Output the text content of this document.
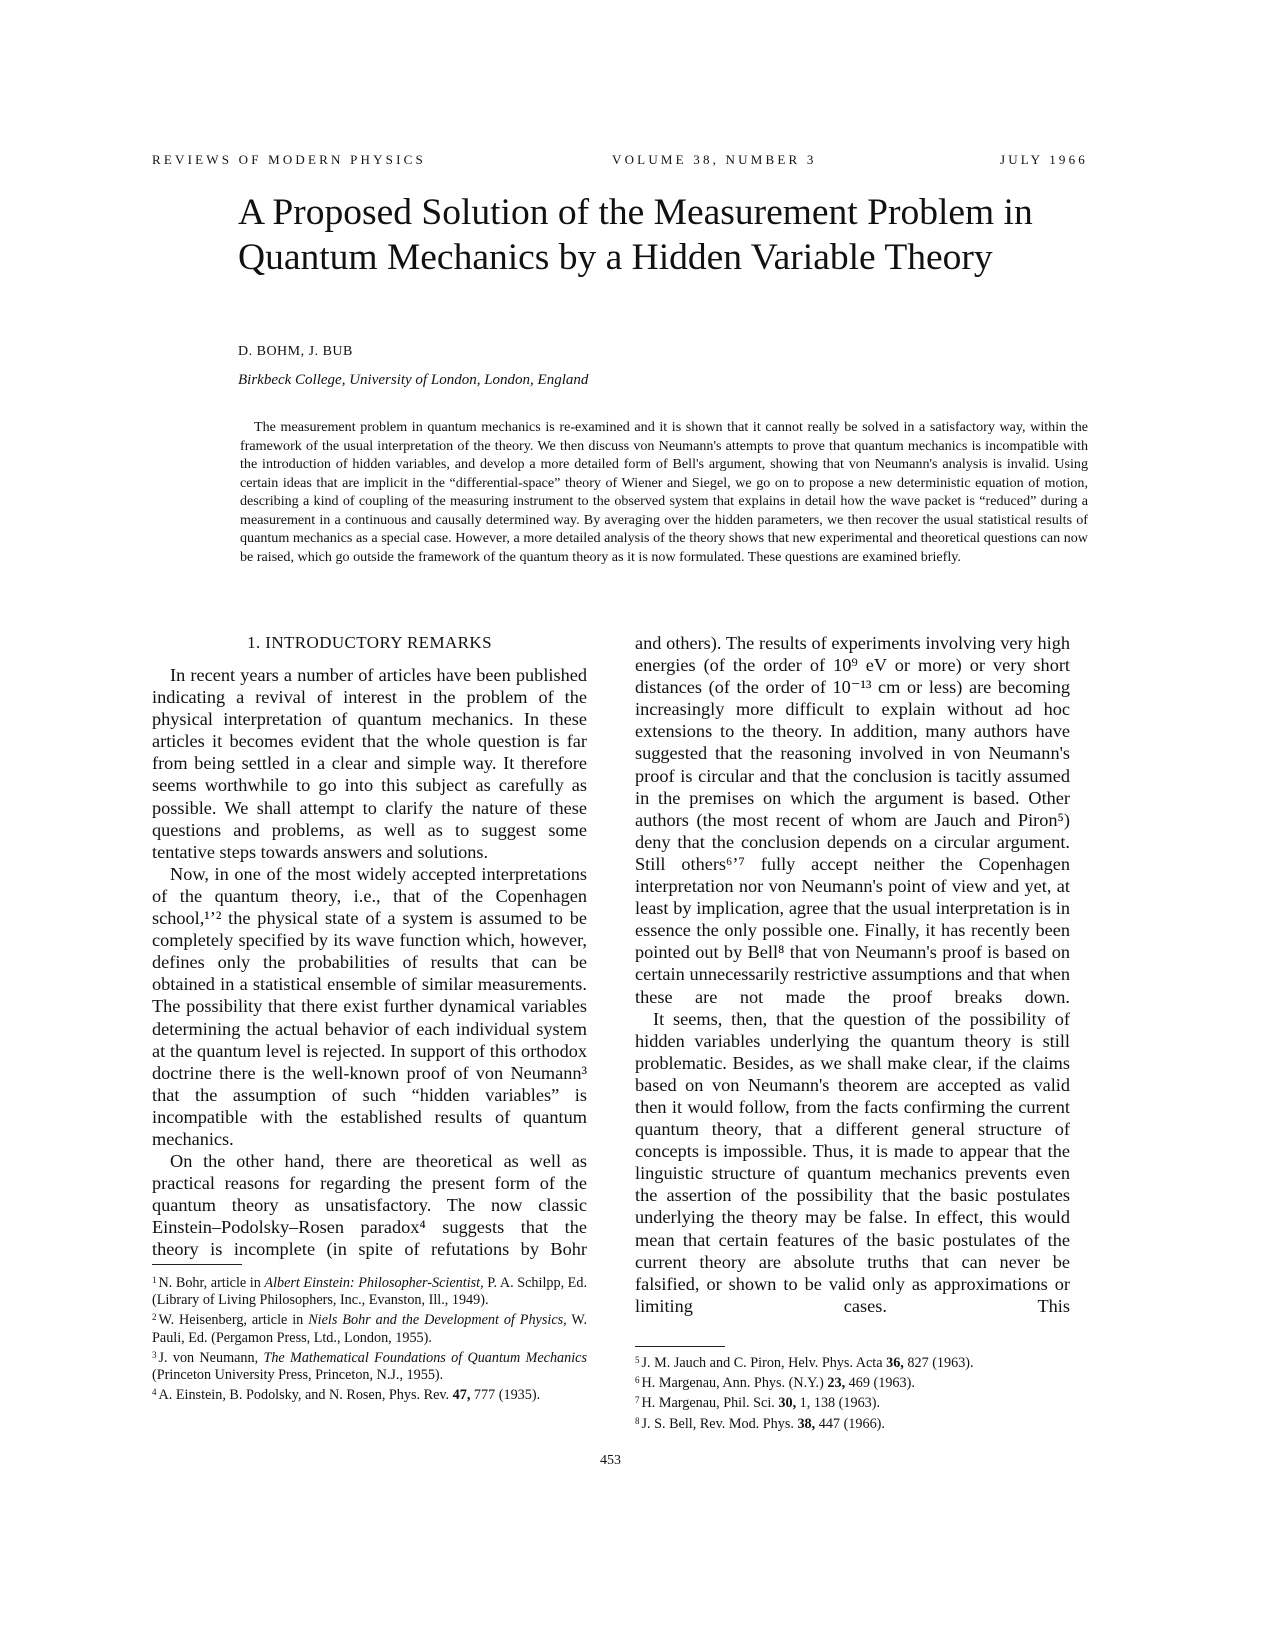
REVIEWS OF MODERN PHYSICS	VOLUME 38, NUMBER 3	JULY 1966
A Proposed Solution of the Measurement Problem in Quantum Mechanics by a Hidden Variable Theory
D. BOHM, J. BUB
Birkbeck College, University of London, London, England

The measurement problem in quantum mechanics is re-examined and it is shown that it cannot really be solved in a satisfactory way, within the framework of the usual interpretation of the theory. We then discuss von Neumann's attempts to prove that quantum mechanics is incompatible with the introduction of hidden variables, and develop a more detailed form of Bell's argument, showing that von Neumann's analysis is invalid. Using certain ideas that are implicit in the “differential-space” theory of Wiener and Siegel, we go on to propose a new deterministic equation of motion, describing a kind of coupling of the measuring instrument to the observed system that explains in detail how the wave packet is “reduced” during a measurement in a continuous and causally determined way. By averaging over the hidden parameters, we then recover the usual statistical results of quantum mechanics as a special case. However, a more detailed analysis of the theory shows that new experimental and theoretical questions can now be raised, which go outside the framework of the quantum theory as it is now formulated. These questions are examined briefly.

1. INTRODUCTORY REMARKS

In recent years a number of articles have been published indicating a revival of interest in the problem of the physical interpretation of quantum mechanics. In these articles it becomes evident that the whole question is far from being settled in a clear and simple way. It therefore seems worthwhile to go into this subject as carefully as possible. We shall attempt to clarify the nature of these questions and problems, as well as to suggest some tentative steps towards answers and solutions.

Now, in one of the most widely accepted interpretations of the quantum theory, i.e., that of the Copenhagen school,¹ʼ² the physical state of a system is assumed to be completely specified by its wave function which, however, defines only the probabilities of results that can be obtained in a statistical ensemble of similar measurements. The possibility that there exist further dynamical variables determining the actual behavior of each individual system at the quantum level is rejected. In support of this orthodox doctrine there is the well-known proof of von Neumann³ that the assumption of such “hidden variables” is incompatible with the established results of quantum mechanics.

On the other hand, there are theoretical as well as practical reasons for regarding the present form of the quantum theory as unsatisfactory. The now classic Einstein–Podolsky–Rosen paradox⁴ suggests that the theory is incomplete (in spite of refutations by Bohr

and others). The results of experiments involving very high energies (of the order of 10⁹ eV or more) or very short distances (of the order of 10⁻¹³ cm or less) are becoming increasingly more difficult to explain without ad hoc extensions to the theory. In addition, many authors have suggested that the reasoning involved in von Neumann's proof is circular and that the conclusion is tacitly assumed in the premises on which the argument is based. Other authors (the most recent of whom are Jauch and Piron⁵) deny that the conclusion depends on a circular argument. Still others⁶ʼ⁷ fully accept neither the Copenhagen interpretation nor von Neumann's point of view and yet, at least by implication, agree that the usual interpretation is in essence the only possible one. Finally, it has recently been pointed out by Bell⁸ that von Neumann's proof is based on certain unnecessarily restrictive assumptions and that when these are not made the proof breaks down.

It seems, then, that the question of the possibility of hidden variables underlying the quantum theory is still problematic. Besides, as we shall make clear, if the claims based on von Neumann's theorem are accepted as valid then it would follow, from the facts confirming the current quantum theory, that a different general structure of concepts is impossible. Thus, it is made to appear that the linguistic structure of quantum mechanics prevents even the assertion of the possibility that the basic postulates underlying the theory may be false. In effect, this would mean that certain features of the basic postulates of the current theory are absolute truths that can never be falsified, or shown to be valid only as approximations or limiting cases. This

$^1$ N. Bohr, article in Albert Einstein: Philosopher-Scientist, P. A. Schilpp, Ed. (Library of Living Philosophers, Inc., Evanston, Ill., 1949).

$^2$ W. Heisenberg, article in Niels Bohr and the Development of Physics, W. Pauli, Ed. (Pergamon Press, Ltd., London, 1955).

$^3$ J. von Neumann, The Mathematical Foundations of Quantum Mechanics (Princeton University Press, Princeton, N.J., 1955).

$^4$ A. Einstein, B. Podolsky, and N. Rosen, Phys. Rev. 47, 777 (1935).

$^5$ J. M. Jauch and C. Piron, Helv. Phys. Acta 36, 827 (1963).

$^6$ H. Margenau, Ann. Phys. (N.Y.) 23, 469 (1963).

$^7$ H. Margenau, Phil. Sci. 30, 1, 138 (1963).

$^8$ J. S. Bell, Rev. Mod. Phys. 38, 447 (1966).

453
